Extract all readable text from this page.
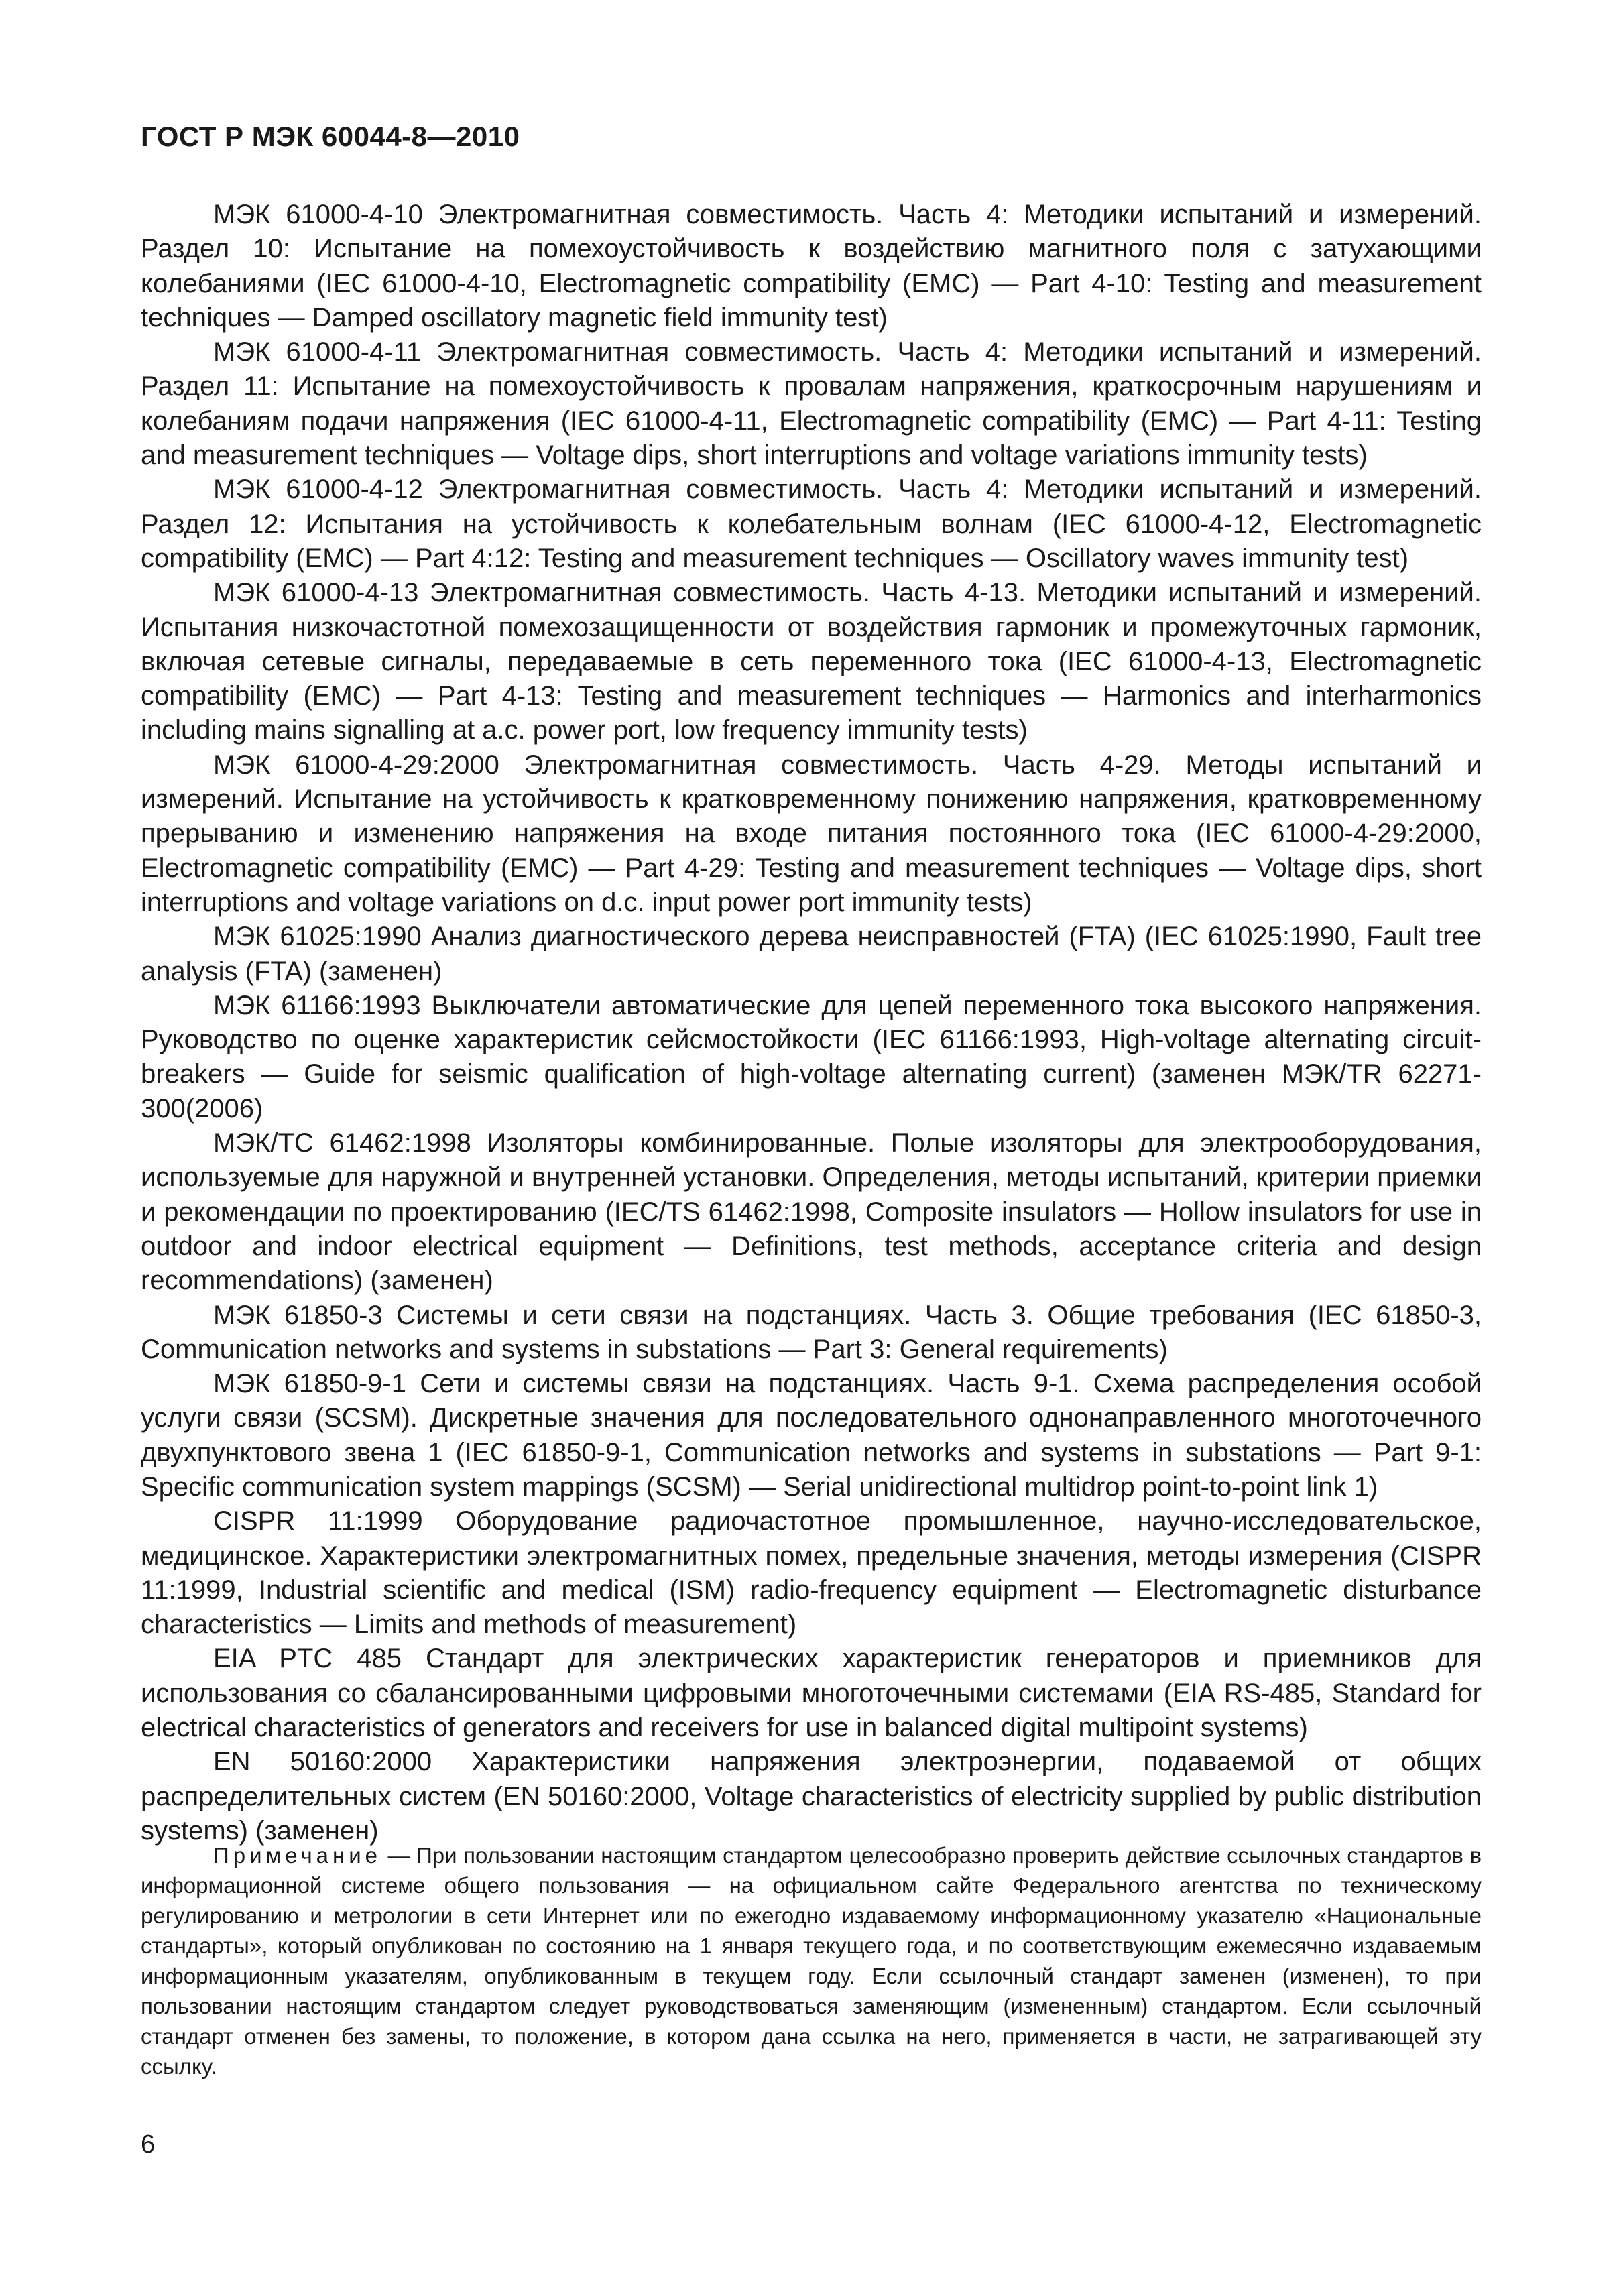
ГОСТ Р МЭК 60044-8—2010

МЭК 61000-4-10 Электромагнитная совместимость. Часть 4: Методики испытаний и измерений. Раздел 10: Испытание на помехоустойчивость к воздействию магнитного поля с затухающими колебаниями (IEC 61000-4-10, Electromagnetic compatibility (EMC) — Part 4-10: Testing and measurement techniques — Damped oscillatory magnetic field immunity test)

МЭК 61000-4-11 Электромагнитная совместимость. Часть 4: Методики испытаний и измерений. Раздел 11: Испытание на помехоустойчивость к провалам напряжения, краткосрочным нарушениям и колебаниям подачи напряжения (IEC 61000-4-11, Electromagnetic compatibility (EMC) — Part 4-11: Testing and measurement techniques — Voltage dips, short interruptions and voltage variations immunity tests)

МЭК 61000-4-12 Электромагнитная совместимость. Часть 4: Методики испытаний и измерений. Раздел 12: Испытания на устойчивость к колебательным волнам (IEC 61000-4-12, Electromagnetic compatibility (EMC) — Part 4:12: Testing and measurement techniques — Oscillatory waves immunity test)

МЭК 61000-4-13 Электромагнитная совместимость. Часть 4-13. Методики испытаний и измерений. Испытания низкочастотной помехозащищенности от воздействия гармоник и промежуточных гармоник, включая сетевые сигналы, передаваемые в сеть переменного тока (IEC 61000-4-13, Electromagnetic compatibility (EMC) — Part 4-13: Testing and measurement techniques — Harmonics and interharmonics including mains signalling at a.c. power port, low frequency immunity tests)

МЭК 61000-4-29:2000 Электромагнитная совместимость. Часть 4-29. Методы испытаний и измерений. Испытание на устойчивость к кратковременному понижению напряжения, кратковременному прерыванию и изменению напряжения на входе питания постоянного тока (IEC 61000-4-29:2000, Electromagnetic compatibility (EMC) — Part 4-29: Testing and measurement techniques — Voltage dips, short interruptions and voltage variations on d.c. input power port immunity tests)

МЭК 61025:1990 Анализ диагностического дерева неисправностей (FTA) (IEC 61025:1990, Fault tree analysis (FTA) (заменен)

МЭК 61166:1993 Выключатели автоматические для цепей переменного тока высокого напряжения. Руководство по оценке характеристик сейсмостойкости (IEC 61166:1993, High-voltage alternating circuit-breakers — Guide for seismic qualification of high-voltage alternating current) (заменен МЭК/TR 62271-300(2006)

МЭК/ТС 61462:1998 Изоляторы комбинированные. Полые изоляторы для электрооборудования, используемые для наружной и внутренней установки. Определения, методы испытаний, критерии приемки и рекомендации по проектированию (IEC/TS 61462:1998, Composite insulators — Hollow insulators for use in outdoor and indoor electrical equipment — Definitions, test methods, acceptance criteria and design recommendations) (заменен)

МЭК 61850-3 Системы и сети связи на подстанциях. Часть 3. Общие требования (IEC 61850-3, Communication networks and systems in substations — Part 3: General requirements)

МЭК 61850-9-1 Сети и системы связи на подстанциях. Часть 9-1. Схема распределения особой услуги связи (SCSM). Дискретные значения для последовательного однонаправленного многоточечного двухпунктового звена 1 (IEC 61850-9-1, Communication networks and systems in substations — Part 9-1: Specific communication system mappings (SCSM) — Serial unidirectional multidrop point-to-point link 1)

CISPR 11:1999 Оборудование радиочастотное промышленное, научно-исследовательское, медицинское. Характеристики электромагнитных помех, предельные значения, методы измерения (CISPR 11:1999, Industrial scientific and medical (ISM) radio-frequency equipment — Electromagnetic disturbance characteristics — Limits and methods of measurement)

EIA PTC 485 Стандарт для электрических характеристик генераторов и приемников для использования со сбалансированными цифровыми многоточечными системами (EIA RS-485, Standard for electrical characteristics of generators and receivers for use in balanced digital multipoint systems)

EN 50160:2000 Характеристики напряжения электроэнергии, подаваемой от общих распределительных систем (EN 50160:2000, Voltage characteristics of electricity supplied by public distribution systems) (заменен)

Примечание — При пользовании настоящим стандартом целесообразно проверить действие ссылочных стандартов в информационной системе общего пользования — на официальном сайте Федерального агентства по техническому регулированию и метрологии в сети Интернет или по ежегодно издаваемому информационному указателю «Национальные стандарты», который опубликован по состоянию на 1 января текущего года, и по соответствующим ежемесячно издаваемым информационным указателям, опубликованным в текущем году. Если ссылочный стандарт заменен (изменен), то при пользовании настоящим стандартом следует руководствоваться заменяющим (измененным) стандартом. Если ссылочный стандарт отменен без замены, то положение, в котором дана ссылка на него, применяется в части, не затрагивающей эту ссылку.

6
